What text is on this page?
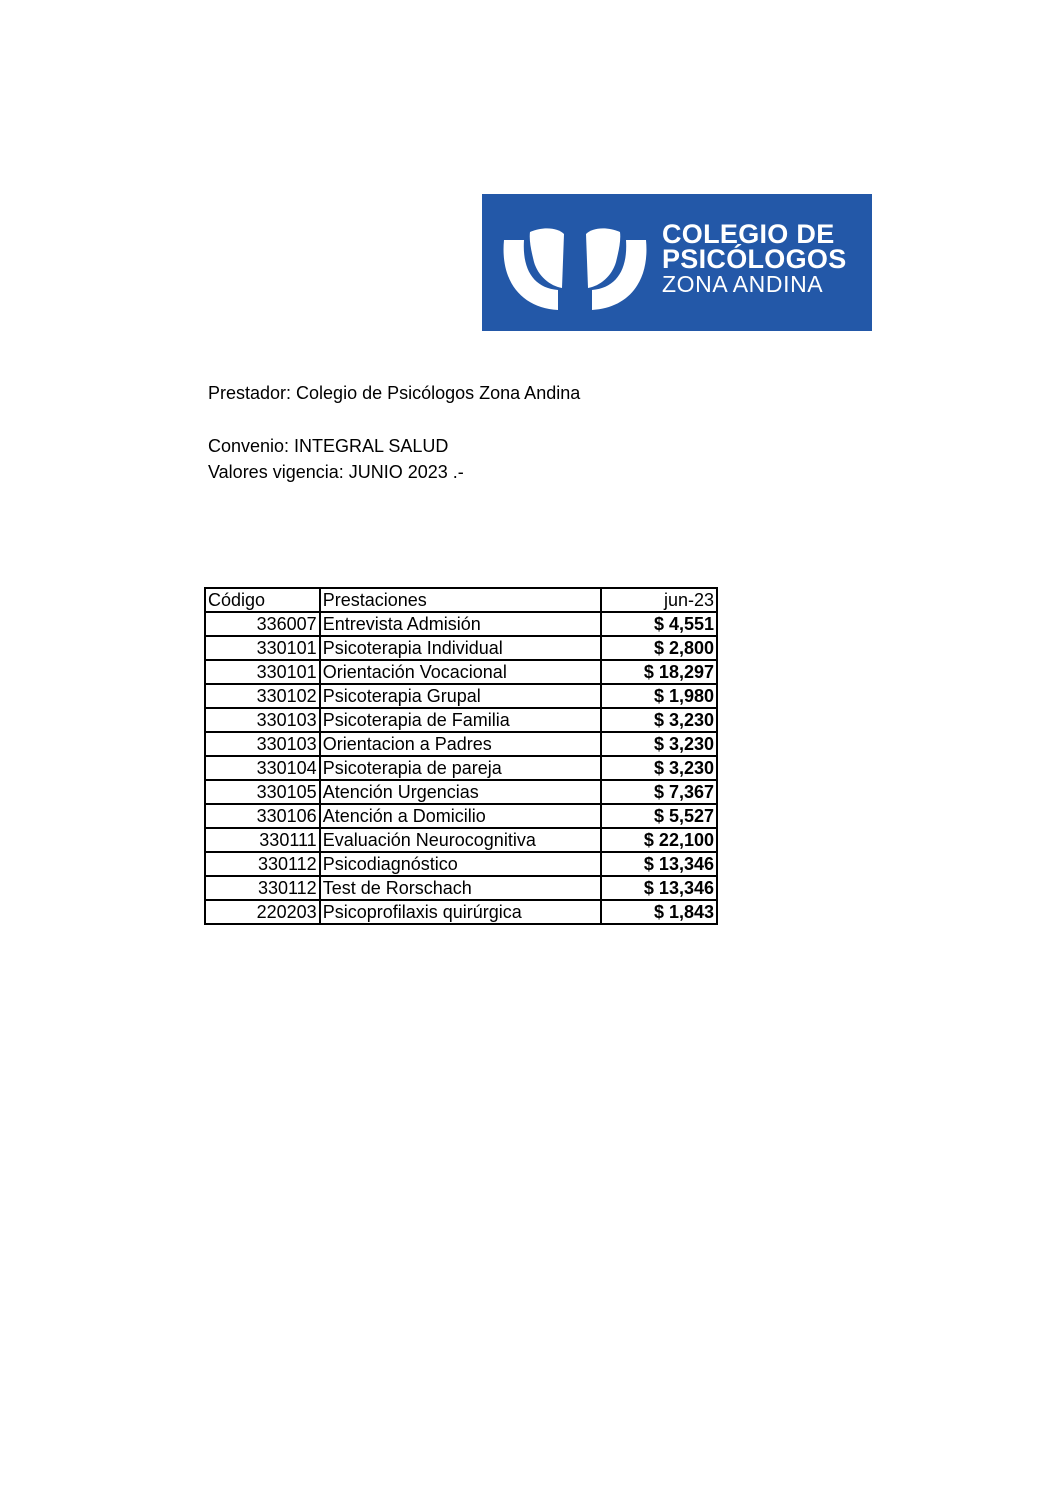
COLEGIO DE
PSICÓLOGOS
ZONA ANDINA
Prestador: Colegio de Psicólogos Zona Andina
Convenio: INTEGRAL SALUD
Valores vigencia: JUNIO 2023 .-
Código	Prestaciones	jun-23
336007	Entrevista Admisión	$ 4,551
330101	Psicoterapia Individual	$ 2,800
330101	Orientación Vocacional	$ 18,297
330102	Psicoterapia Grupal	$ 1,980
330103	Psicoterapia de Familia	$ 3,230
330103	Orientacion a Padres	$ 3,230
330104	Psicoterapia de pareja	$ 3,230
330105	Atención Urgencias	$ 7,367
330106	Atención a Domicilio	$ 5,527
330111	Evaluación Neurocognitiva	$ 22,100
330112	Psicodiagnóstico	$ 13,346
330112	Test de Rorschach	$ 13,346
220203	Psicoprofilaxis quirúrgica	$ 1,843
